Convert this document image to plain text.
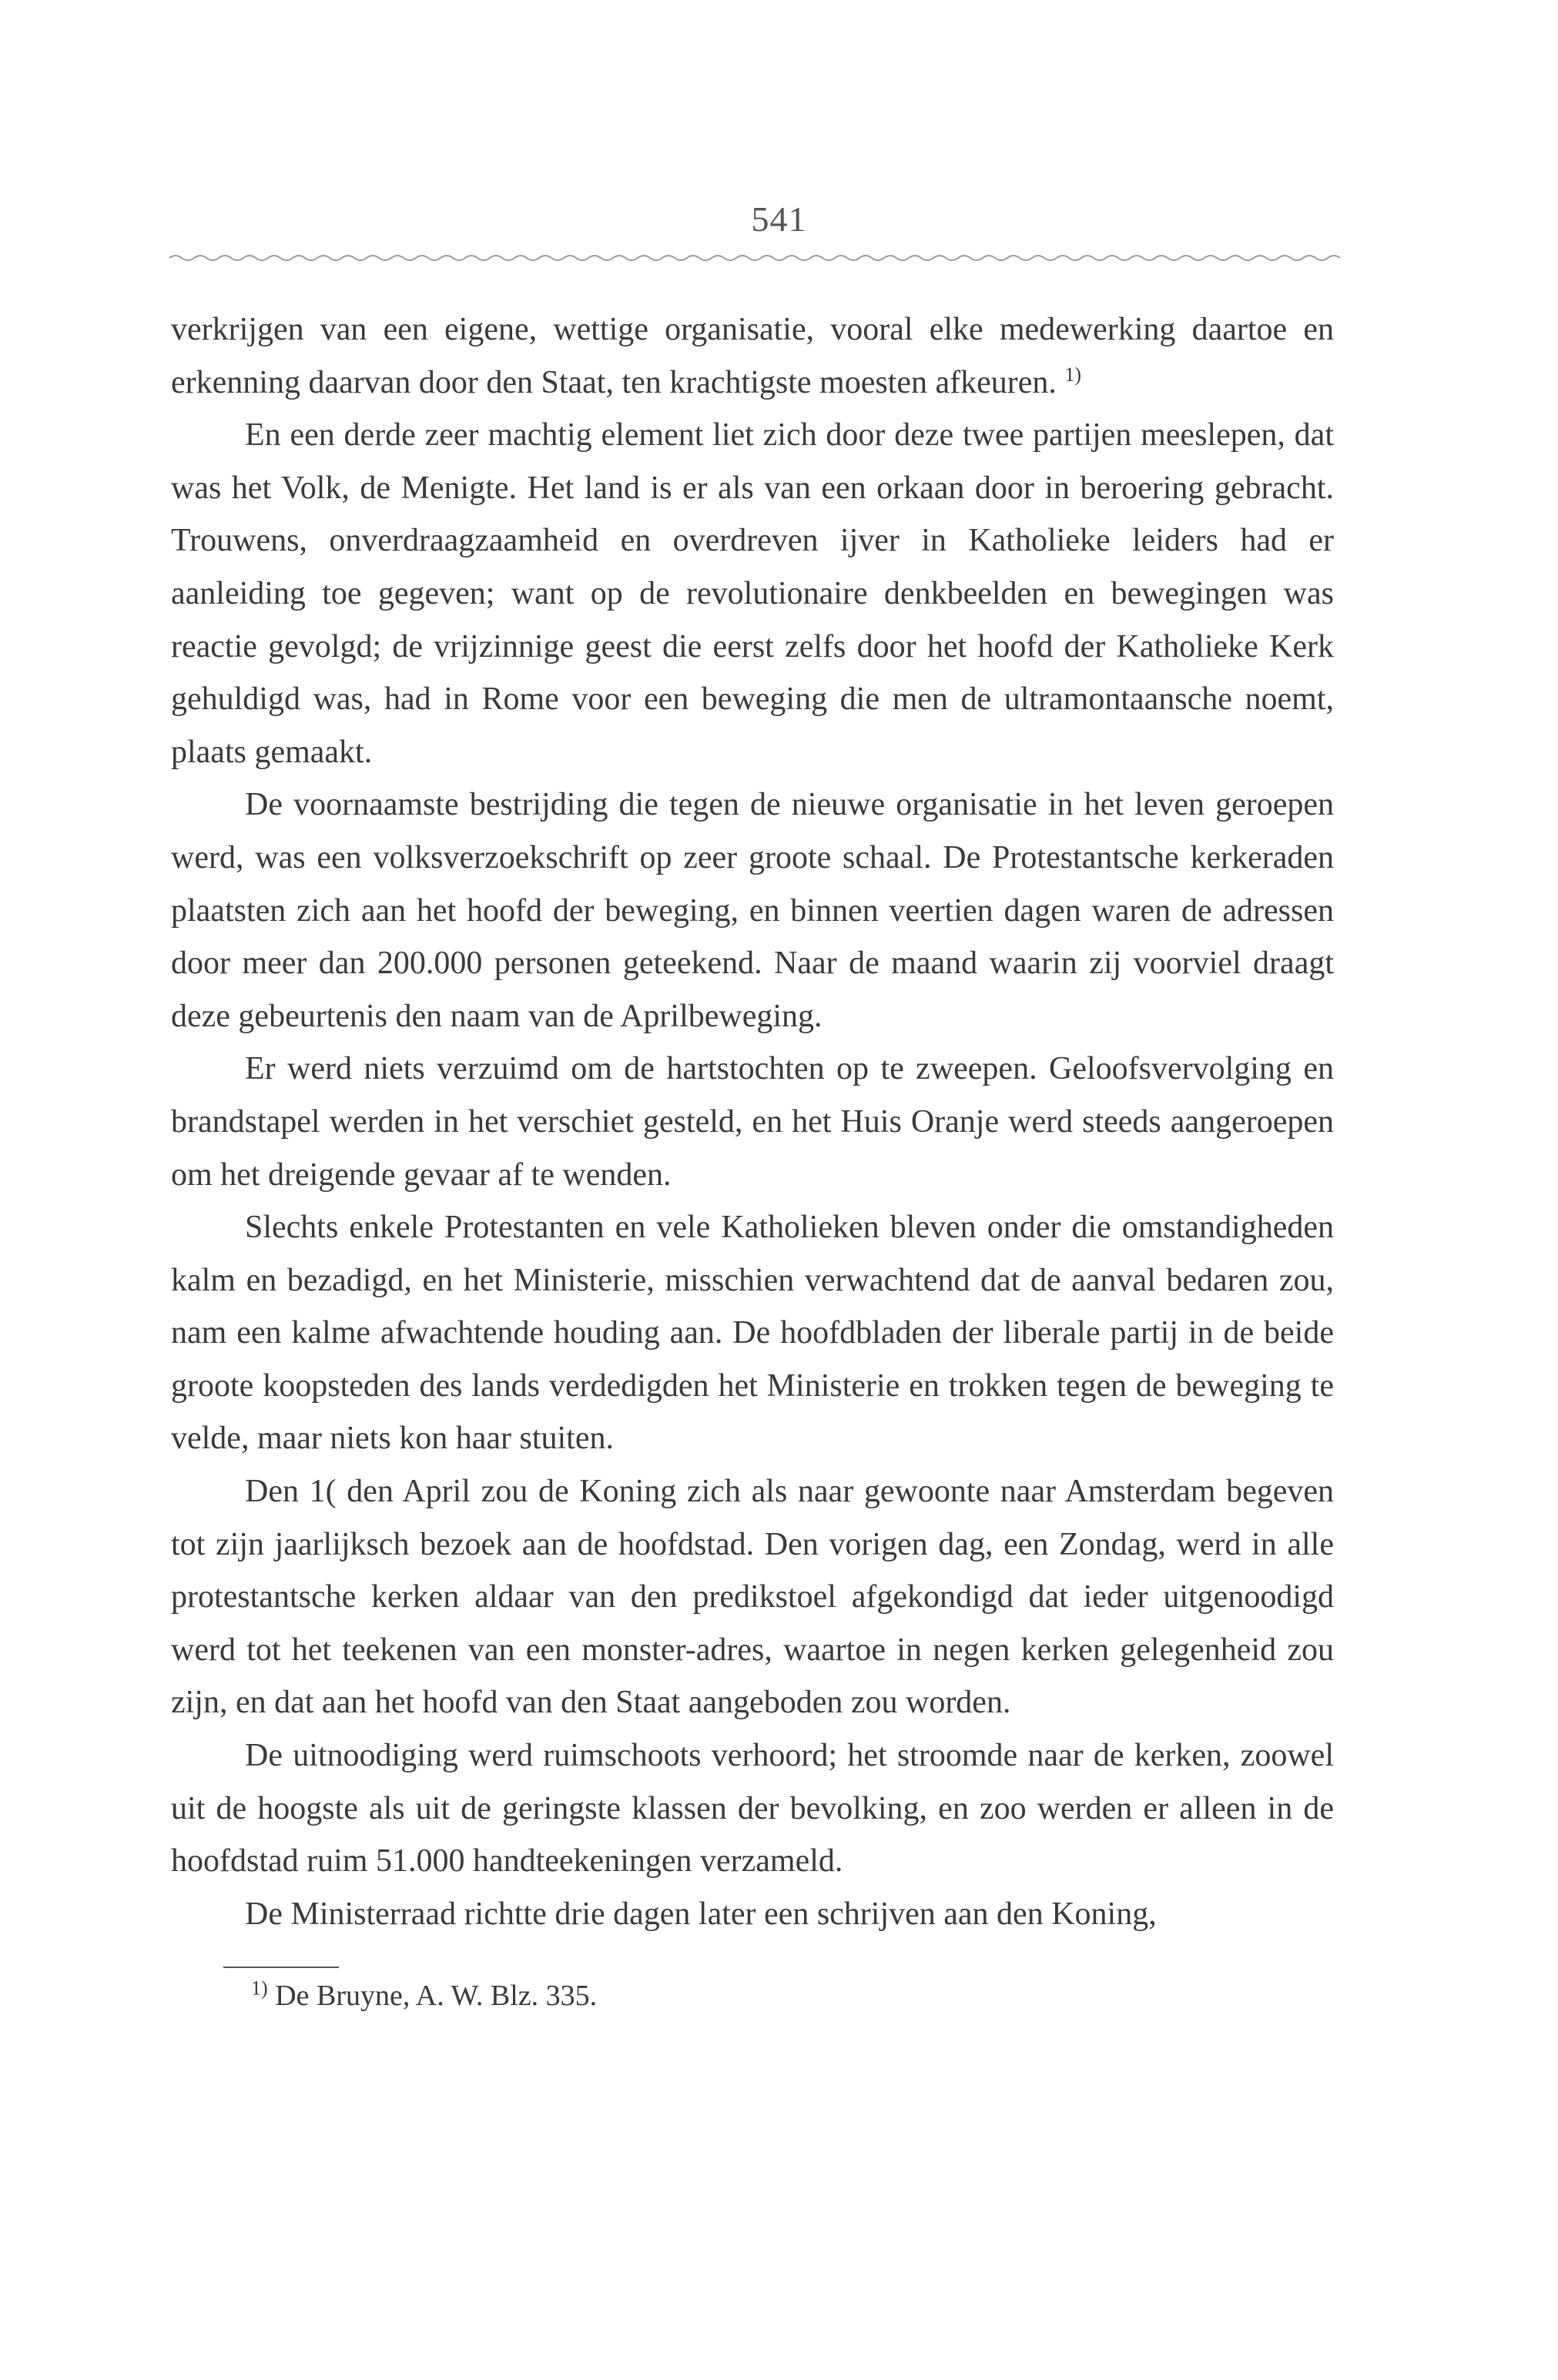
541

verkrijgen van een eigene, wettige organisatie, vooral elke medewerking daartoe en erkenning daarvan door den Staat, ten krachtigste moesten afkeuren. $^{1)}$

En een derde zeer machtig element liet zich door deze twee partijen meeslepen, dat was het Volk, de Menigte. Het land is er als van een orkaan door in beroering gebracht. Trouwens, onverdraagzaamheid en overdreven ijver in Katholieke leiders had er aanleiding toe gegeven; want op de revolutionaire denkbeelden en bewegingen was reactie gevolgd; de vrijzinnige geest die eerst zelfs door het hoofd der Katholieke Kerk gehuldigd was, had in Rome voor een beweging die men de ultramontaansche noemt, plaats gemaakt.

De voornaamste bestrijding die tegen de nieuwe organisatie in het leven geroepen werd, was een volksverzoekschrift op zeer groote schaal. De Protestantsche kerkeraden plaatsten zich aan het hoofd der beweging, en binnen veertien dagen waren de adressen door meer dan 200.000 personen geteekend. Naar de maand waarin zij voorviel draagt deze gebeurtenis den naam van de Aprilbeweging.

Er werd niets verzuimd om de hartstochten op te zweepen. Geloofsvervolging en brandstapel werden in het verschiet gesteld, en het Huis Oranje werd steeds aangeroepen om het dreigende gevaar af te wenden.

Slechts enkele Protestanten en vele Katholieken bleven onder die omstandigheden kalm en bezadigd, en het Ministerie, misschien verwachtend dat de aanval bedaren zou, nam een kalme afwachtende houding aan. De hoofdbladen der liberale partij in de beide groote koopsteden des lands verdedigden het Ministerie en trokken tegen de beweging te velde, maar niets kon haar stuiten.

Den 1( den April zou de Koning zich als naar gewoonte naar Amsterdam begeven tot zijn jaarlijksch bezoek aan de hoofdstad. Den vorigen dag, een Zondag, werd in alle protestantsche kerken aldaar van den predikstoel afgekondigd dat ieder uitgenoodigd werd tot het teekenen van een monster-adres, waartoe in negen kerken gelegenheid zou zijn, en dat aan het hoofd van den Staat aangeboden zou worden.

De uitnoodiging werd ruimschoots verhoord; het stroomde naar de kerken, zoowel uit de hoogste als uit de geringste klassen der bevolking, en zoo werden er alleen in de hoofdstad ruim 51.000 handteekeningen verzameld.

De Ministerraad richtte drie dagen later een schrijven aan den Koning,

$^{1)}$ De Bruyne, A. W. Blz. 335.
